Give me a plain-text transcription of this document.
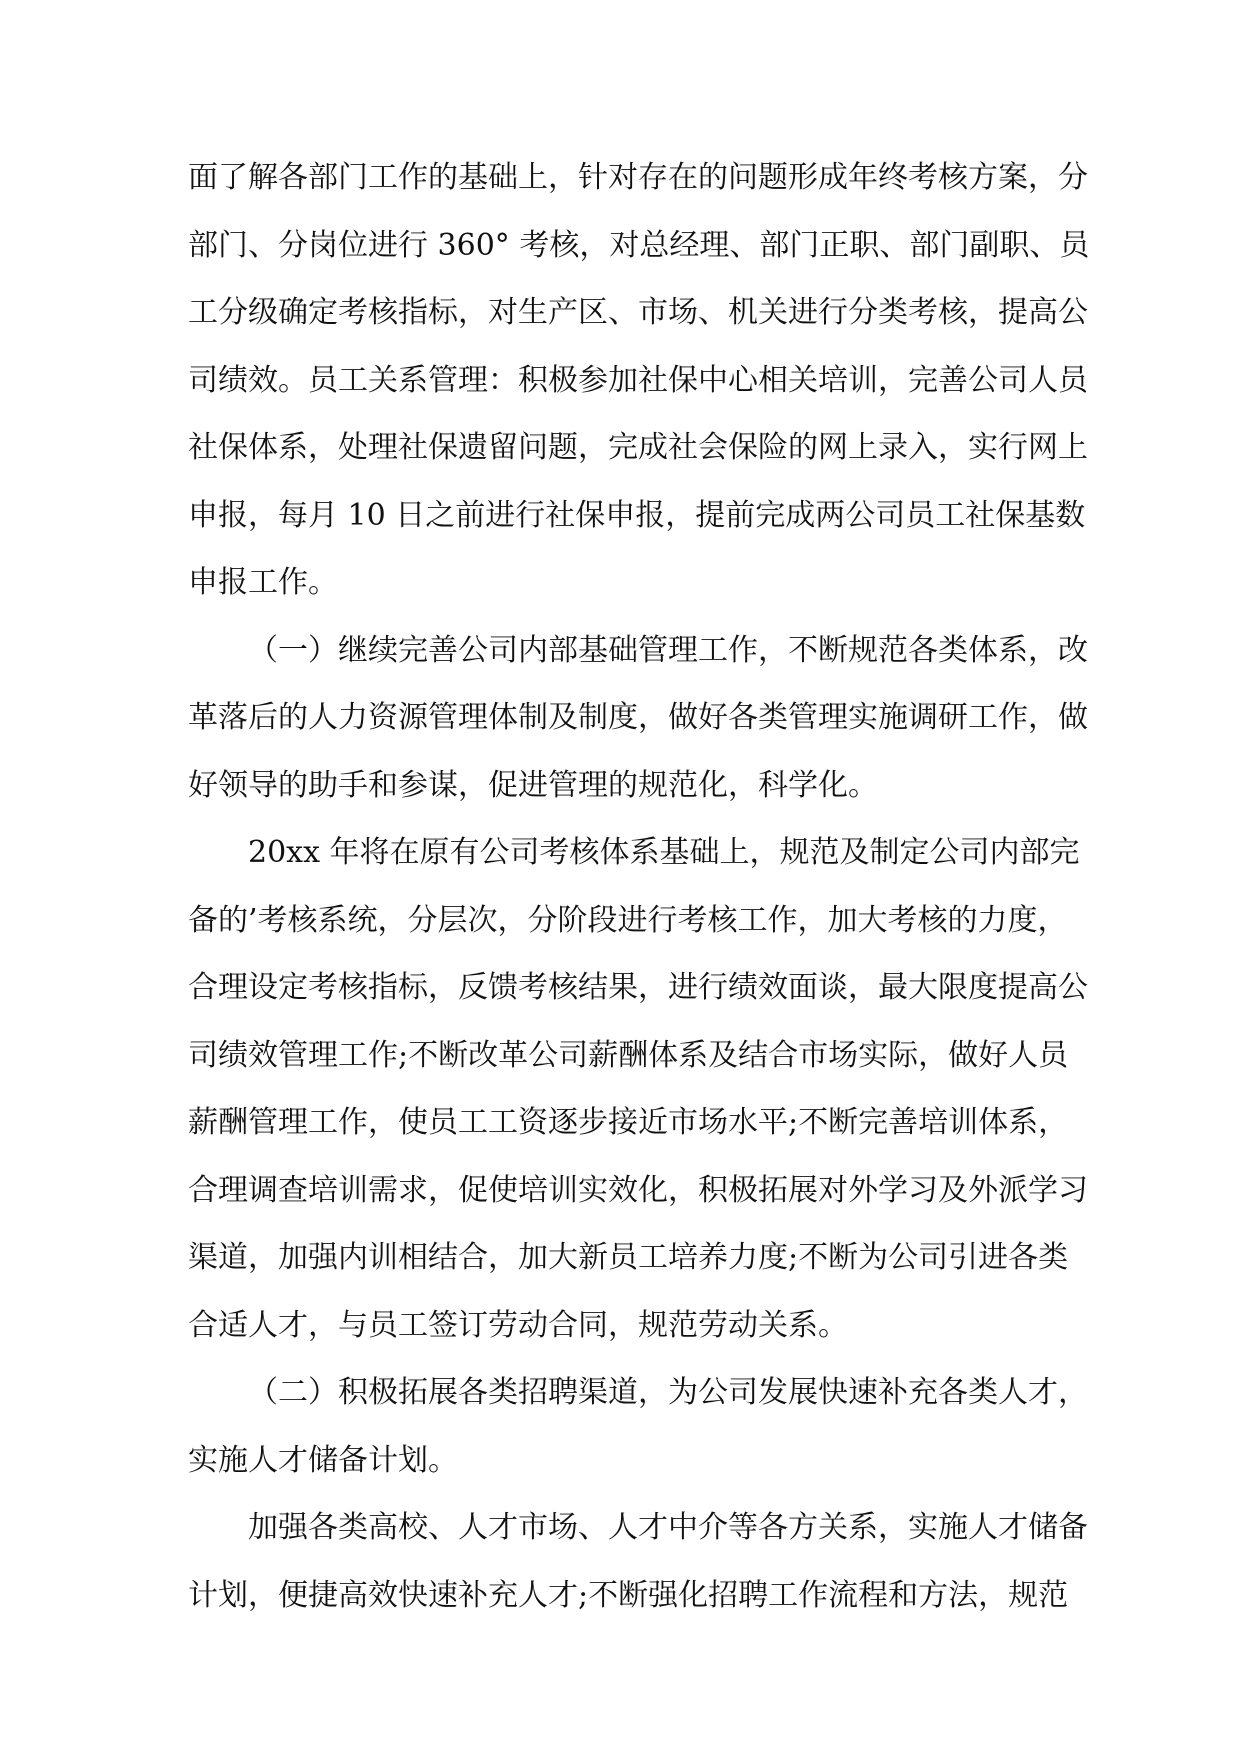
面了解各部门工作的基础上，针对存在的问题形成年终考核方案，分
部门、分岗位进行 360° 考核，对总经理、部门正职、部门副职、员
工分级确定考核指标，对生产区、市场、机关进行分类考核，提高公
司绩效。员工关系管理：积极参加社保中心相关培训，完善公司人员
社保体系，处理社保遗留问题，完成社会保险的网上录入，实行网上
申报，每月 10 日之前进行社保申报，提前完成两公司员工社保基数
申报工作。
（一）继续完善公司内部基础管理工作，不断规范各类体系，改
革落后的人力资源管理体制及制度，做好各类管理实施调研工作，做
好领导的助手和参谋，促进管理的规范化，科学化。
20xx 年将在原有公司考核体系基础上，规范及制定公司内部完
备的’考核系统，分层次，分阶段进行考核工作，加大考核的力度，
合理设定考核指标，反馈考核结果，进行绩效面谈，最大限度提高公
司绩效管理工作;不断改革公司薪酬体系及结合市场实际，做好人员
薪酬管理工作，使员工工资逐步接近市场水平;不断完善培训体系，
合理调查培训需求，促使培训实效化，积极拓展对外学习及外派学习
渠道，加强内训相结合，加大新员工培养力度;不断为公司引进各类
合适人才，与员工签订劳动合同，规范劳动关系。
（二）积极拓展各类招聘渠道，为公司发展快速补充各类人才，
实施人才储备计划。
加强各类高校、人才市场、人才中介等各方关系，实施人才储备
计划，便捷高效快速补充人才;不断强化招聘工作流程和方法，规范
